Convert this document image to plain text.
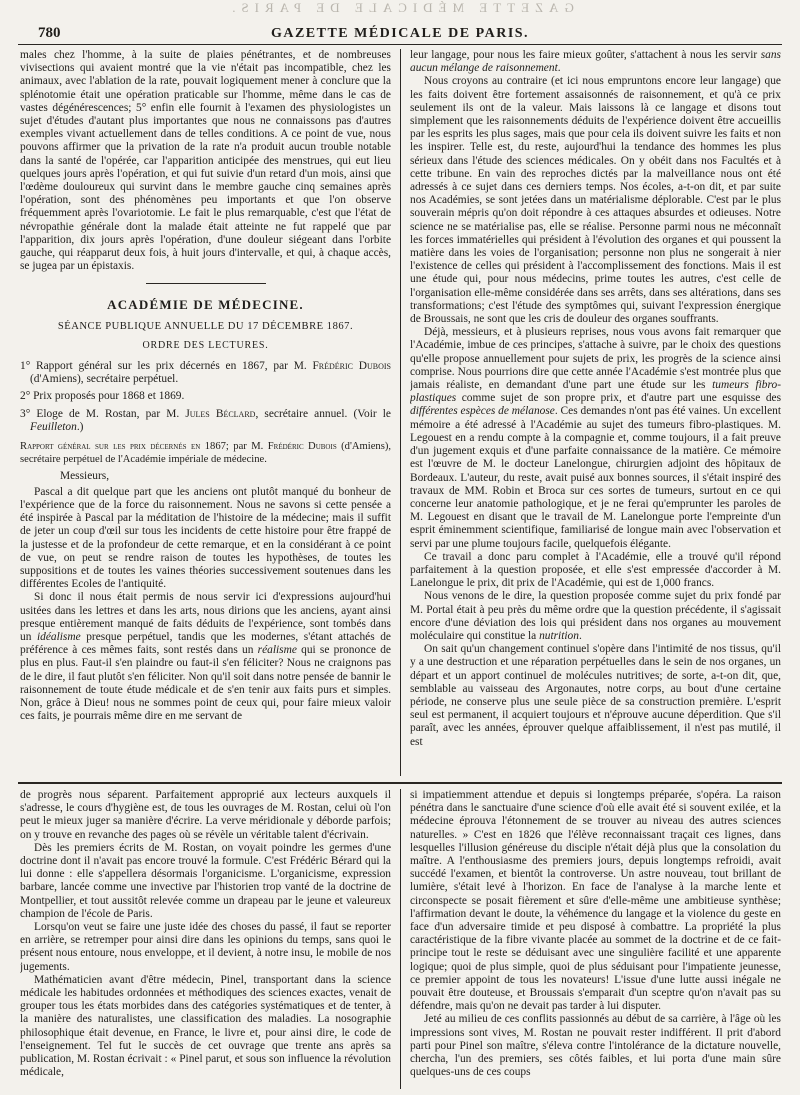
GAZETTE MÉDICALE DE PARIS.
780	GAZETTE MÉDICALE DE PARIS.

males chez l'homme, à la suite de plaies pénétrantes, et de nombreuses vivisections qui avaient montré que la vie n'était pas incompatible, chez les animaux, avec l'ablation de la rate, pouvait logiquement mener à conclure que la splénotomie était une opération praticable sur l'homme, même dans le cas de vastes dégénérescences; 5° enfin elle fournit à l'examen des physiologistes un sujet d'études d'autant plus importantes que nous ne connaissons pas d'autres exemples vivant actuellement dans de telles conditions. A ce point de vue, nous pouvons affirmer que la privation de la rate n'a produit aucun trouble notable dans la santé de l'opérée, car l'apparition anticipée des menstrues, qui eut lieu quelques jours après l'opération, et qui fut suivie d'un retard d'un mois, ainsi que l'œdème douloureux qui survint dans le membre gauche cinq semaines après l'opération, sont des phénomènes peu importants et que l'on observe fréquemment après l'ovariotomie. Le fait le plus remarquable, c'est que l'état de névropathie générale dont la malade était atteinte ne fut rappelé que par l'apparition, dix jours après l'opération, d'une douleur siégeant dans l'orbite gauche, qui réapparut deux fois, à huit jours d'intervalle, et qui, à chaque accès, se jugea par un épistaxis.

ACADÉMIE DE MÉDECINE.
SÉANCE PUBLIQUE ANNUELLE DU 17 DÉCEMBRE 1867.
ORDRE DES LECTURES.

1° Rapport général sur les prix décernés en 1867, par M. Frédéric Dubois (d'Amiens), secrétaire perpétuel.

2° Prix proposés pour 1868 et 1869.

3° Eloge de M. Rostan, par M. Jules Béclard, secrétaire annuel. (Voir le Feuilleton.)

Rapport général sur les prix décernés en 1867; par M. Frédéric Dubois (d'Amiens), secrétaire perpétuel de l'Académie impériale de médecine.

Messieurs,

Pascal a dit quelque part que les anciens ont plutôt manqué du bonheur de l'expérience que de la force du raisonnement. Nous ne savons si cette pensée a été inspirée à Pascal par la méditation de l'histoire de la médecine; mais il suffit de jeter un coup d'œil sur tous les incidents de cette histoire pour être frappé de la justesse et de la profondeur de cette remarque, et en la considérant à ce point de vue, on peut se rendre raison de toutes les hypothèses, de toutes les suppositions et de toutes les vaines théories successivement soutenues dans les différentes Ecoles de l'antiquité.

Si donc il nous était permis de nous servir ici d'expressions aujourd'hui usitées dans les lettres et dans les arts, nous dirions que les anciens, ayant ainsi presque entièrement manqué de faits déduits de l'expérience, sont tombés dans un idéalisme presque perpétuel, tandis que les modernes, s'étant attachés de préférence à ces mêmes faits, sont restés dans un réalisme qui se prononce de plus en plus. Faut-il s'en plaindre ou faut-il s'en féliciter? Nous ne craignons pas de le dire, il faut plutôt s'en féliciter. Non qu'il soit dans notre pensée de bannir le raisonnement de toute étude médicale et de s'en tenir aux faits purs et simples. Non, grâce à Dieu! nous ne sommes point de ceux qui, pour faire mieux valoir ces faits, je pourrais même dire en me servant de

leur langage, pour nous les faire mieux goûter, s'attachent à nous les servir sans aucun mélange de raisonnement.

Nous croyons au contraire (et ici nous empruntons encore leur langage) que les faits doivent être fortement assaisonnés de raisonnement, et qu'à ce prix seulement ils ont de la valeur. Mais laissons là ce langage et disons tout simplement que les raisonnements déduits de l'expérience doivent être accueillis par les esprits les plus sages, mais que pour cela ils doivent suivre les faits et non les inspirer. Telle est, du reste, aujourd'hui la tendance des hommes les plus sérieux dans l'étude des sciences médicales. On y obéit dans nos Facultés et à cette tribune. En vain des reproches dictés par la malveillance nous ont été adressés à ce sujet dans ces derniers temps. Nos écoles, a-t-on dit, et par suite nos Académies, se sont jetées dans un matérialisme déplorable. C'est par le plus souverain mépris qu'on doit répondre à ces attaques absurdes et odieuses. Notre science ne se matérialise pas, elle se réalise. Personne parmi nous ne méconnaît les forces immatérielles qui président à l'évolution des organes et qui poussent la matière dans les voies de l'organisation; personne non plus ne songerait à nier l'existence de celles qui président à l'accomplissement des fonctions. Mais il est une étude qui, pour nous médecins, prime toutes les autres, c'est celle de l'organisation elle-même considérée dans ses arrêts, dans ses altérations, dans ses transformations; c'est l'étude des symptômes qui, suivant l'expression énergique de Broussais, ne sont que les cris de douleur des organes souffrants.

Déjà, messieurs, et à plusieurs reprises, nous vous avons fait remarquer que l'Académie, imbue de ces principes, s'attache à suivre, par le choix des questions qu'elle propose annuellement pour sujets de prix, les progrès de la science ainsi comprise. Nous pourrions dire que cette année l'Académie s'est montrée plus que jamais réaliste, en demandant d'une part une étude sur les tumeurs fibro-plastiques comme sujet de son propre prix, et d'autre part une esquisse des différentes espèces de mélanose. Ces demandes n'ont pas été vaines. Un excellent mémoire a été adressé à l'Académie au sujet des tumeurs fibro-plastiques. M. Legouest en a rendu compte à la compagnie et, comme toujours, il a fait preuve d'un jugement exquis et d'une parfaite connaissance de la matière. Ce mémoire est l'œuvre de M. le docteur Lanelongue, chirurgien adjoint des hôpitaux de Bordeaux. L'auteur, du reste, avait puisé aux bonnes sources, il s'était inspiré des travaux de MM. Robin et Broca sur ces sortes de tumeurs, surtout en ce qui concerne leur anatomie pathologique, et je ne ferai qu'emprunter les paroles de M. Legouest en disant que le travail de M. Lanelongue porte l'empreinte d'un esprit éminemment scientifique, familiarisé de longue main avec l'observation et servi par une plume toujours facile, quelquefois élégante.

Ce travail a donc paru complet à l'Académie, elle a trouvé qu'il répond parfaitement à la question proposée, et elle s'est empressée d'accorder à M. Lanelongue le prix, dit prix de l'Académie, qui est de 1,000 francs.

Nous venons de le dire, la question proposée comme sujet du prix fondé par M. Portal était à peu près du même ordre que la question précédente, il s'agissait encore d'une déviation des lois qui président dans nos organes au mouvement moléculaire qui constitue la nutrition.

On sait qu'un changement continuel s'opère dans l'intimité de nos tissus, qu'il y a une destruction et une réparation perpétuelles dans le sein de nos organes, un départ et un apport continuel de molécules nutritives; de sorte, a-t-on dit, que, semblable au vaisseau des Argonautes, notre corps, au bout d'une certaine période, ne conserve plus une seule pièce de sa construction première. L'esprit seul est permanent, il acquiert toujours et n'éprouve aucune déperdition. Que s'il paraît, avec les années, éprouver quelque affaiblissement, il n'est pas mutilé, il est

de progrès nous séparent. Parfaitement approprié aux lecteurs auxquels il s'adresse, le cours d'hygiène est, de tous les ouvrages de M. Rostan, celui où l'on peut le mieux juger sa manière d'écrire. La verve méridionale y déborde parfois; on y trouve en revanche des pages où se révèle un véritable talent d'écrivain.

Dès les premiers écrits de M. Rostan, on voyait poindre les germes d'une doctrine dont il n'avait pas encore trouvé la formule. C'est Frédéric Bérard qui la lui donne : elle s'appellera désormais l'organicisme. L'organicisme, expression barbare, lancée comme une invective par l'historien trop vanté de la doctrine de Montpellier, et tout aussitôt relevée comme un drapeau par le jeune et valeureux champion de l'école de Paris.

Lorsqu'on veut se faire une juste idée des choses du passé, il faut se reporter en arrière, se retremper pour ainsi dire dans les opinions du temps, sans quoi le présent nous entoure, nous enveloppe, et il devient, à notre insu, le mobile de nos jugements.

Mathématicien avant d'être médecin, Pinel, transportant dans la science médicale les habitudes ordonnées et méthodiques des sciences exactes, venait de grouper tous les états morbides dans des catégories systématiques et de tenter, à la manière des naturalistes, une classification des maladies. La nosographie philosophique était devenue, en France, le livre et, pour ainsi dire, le code de l'enseignement. Tel fut le succès de cet ouvrage que trente ans après sa publication, M. Rostan écrivait : « Pinel parut, et sous son influence la révolution médicale,

si impatiemment attendue et depuis si longtemps préparée, s'opéra. La raison pénétra dans le sanctuaire d'une science d'où elle avait été si souvent exilée, et la médecine éprouva l'étonnement de se trouver au niveau des autres sciences naturelles. » C'est en 1826 que l'élève reconnaissant traçait ces lignes, dans lesquelles l'illusion généreuse du disciple n'était déjà plus que la consolation du maître. A l'enthousiasme des premiers jours, depuis longtemps refroidi, avait succédé l'examen, et bientôt la controverse. Un astre nouveau, tout brillant de lumière, s'était levé à l'horizon. En face de l'analyse à la marche lente et circonspecte se posait fièrement et sûre d'elle-même une ambitieuse synthèse; l'affirmation devant le doute, la véhémence du langage et la violence du geste en face d'un adversaire timide et peu disposé à combattre. La propriété la plus caractéristique de la fibre vivante placée au sommet de la doctrine et de ce fait-principe tout le reste se déduisant avec une singulière facilité et une apparente logique; quoi de plus simple, quoi de plus séduisant pour l'impatiente jeunesse, ce premier appoint de tous les novateurs! L'issue d'une lutte aussi inégale ne pouvait être douteuse, et Broussais s'emparait d'un sceptre qu'on n'avait pas su défendre, mais qu'on ne devait pas tarder à lui disputer.

Jeté au milieu de ces conflits passionnés au début de sa carrière, à l'âge où les impressions sont vives, M. Rostan ne pouvait rester indifférent. Il prit d'abord parti pour Pinel son maître, s'éleva contre l'intolérance de la dictature nouvelle, chercha, l'un des premiers, ses côtés faibles, et lui porta d'une main sûre quelques-uns de ces coups
